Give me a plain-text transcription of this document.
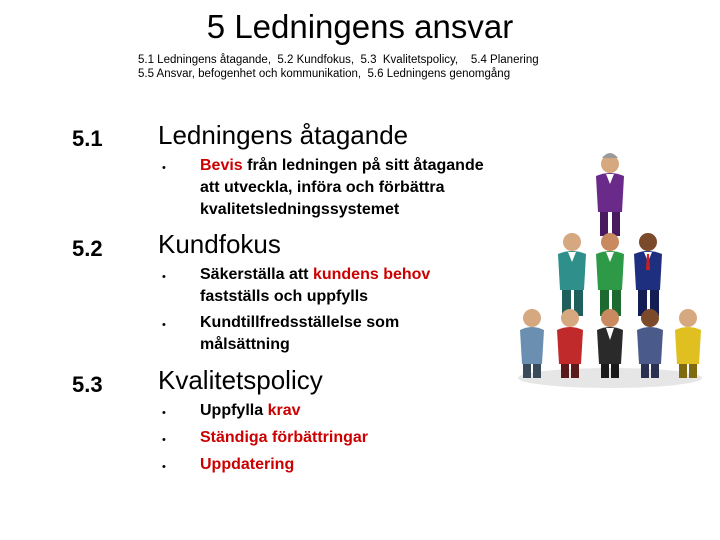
5 Ledningens ansvar
5.1 Ledningens åtagande,  5.2 Kundfokus,  5.3  Kvalitetspolicy,    5.4 Planering
5.5 Ansvar, befogenhet och kommunikation,  5.6 Ledningens genomgång
5.1 Ledningens åtagande
• Bevis från ledningen på sitt åtagande
att utveckla, införa och förbättra
kvalitetsledningssystemet
5.2 Kundfokus
• Säkerställa att kundens behov
fastställs och uppfylls
• Kundtillfredsställelse som
målsättning
5.3 Kvalitetspolicy
• Uppfylla krav
• Ständiga förbättringar
• Uppdatering
